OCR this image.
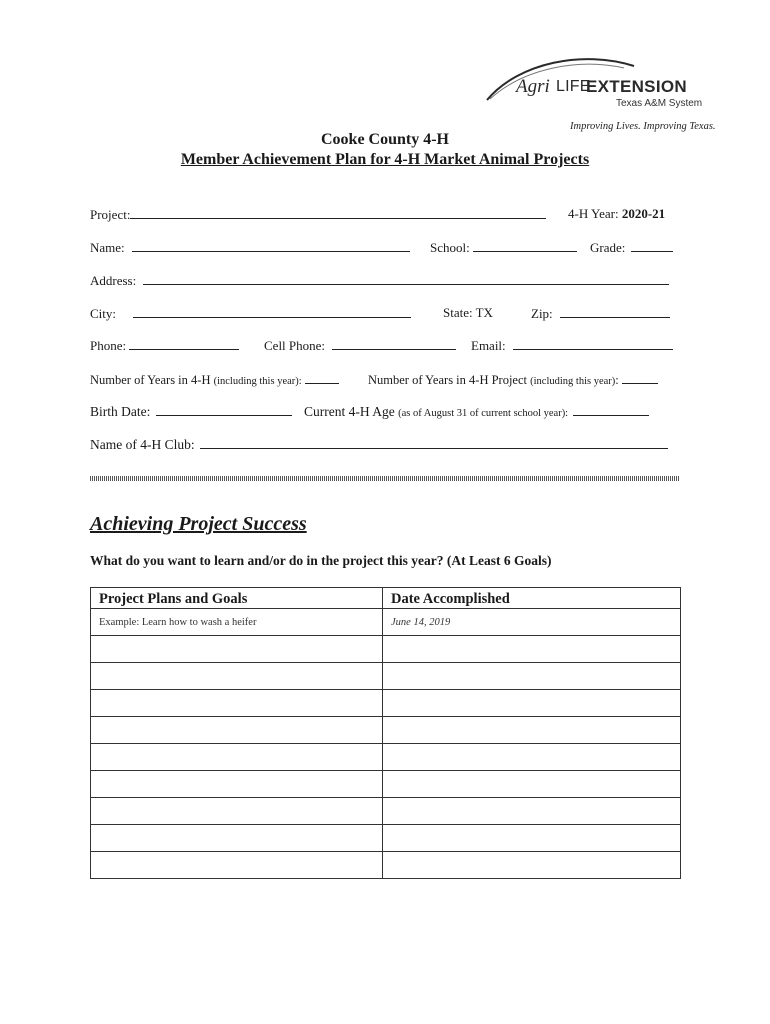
Agri LIFE
EXTENSION
Texas A&M System
Improving Lives. Improving Texas.
Cooke County 4-H
Member Achievement Plan for 4-H Market Animal Projects
Project:	4-H Year: 2020-21
Name:	School:	Grade:
Address:
City:	State: TX	Zip:
Phone:	Cell Phone:	Email:
Number of Years in 4-H (including this year):	Number of Years in 4-H Project (including this year):
Birth Date:	Current 4-H Age (as of August 31 of current school year):
Name of 4-H Club:
Achieving Project Success
What do you want to learn and/or do in the project this year? (At Least 6 Goals)
Project Plans and Goals	Date Accomplished
Example: Learn how to wash a heifer	June 14, 2019
